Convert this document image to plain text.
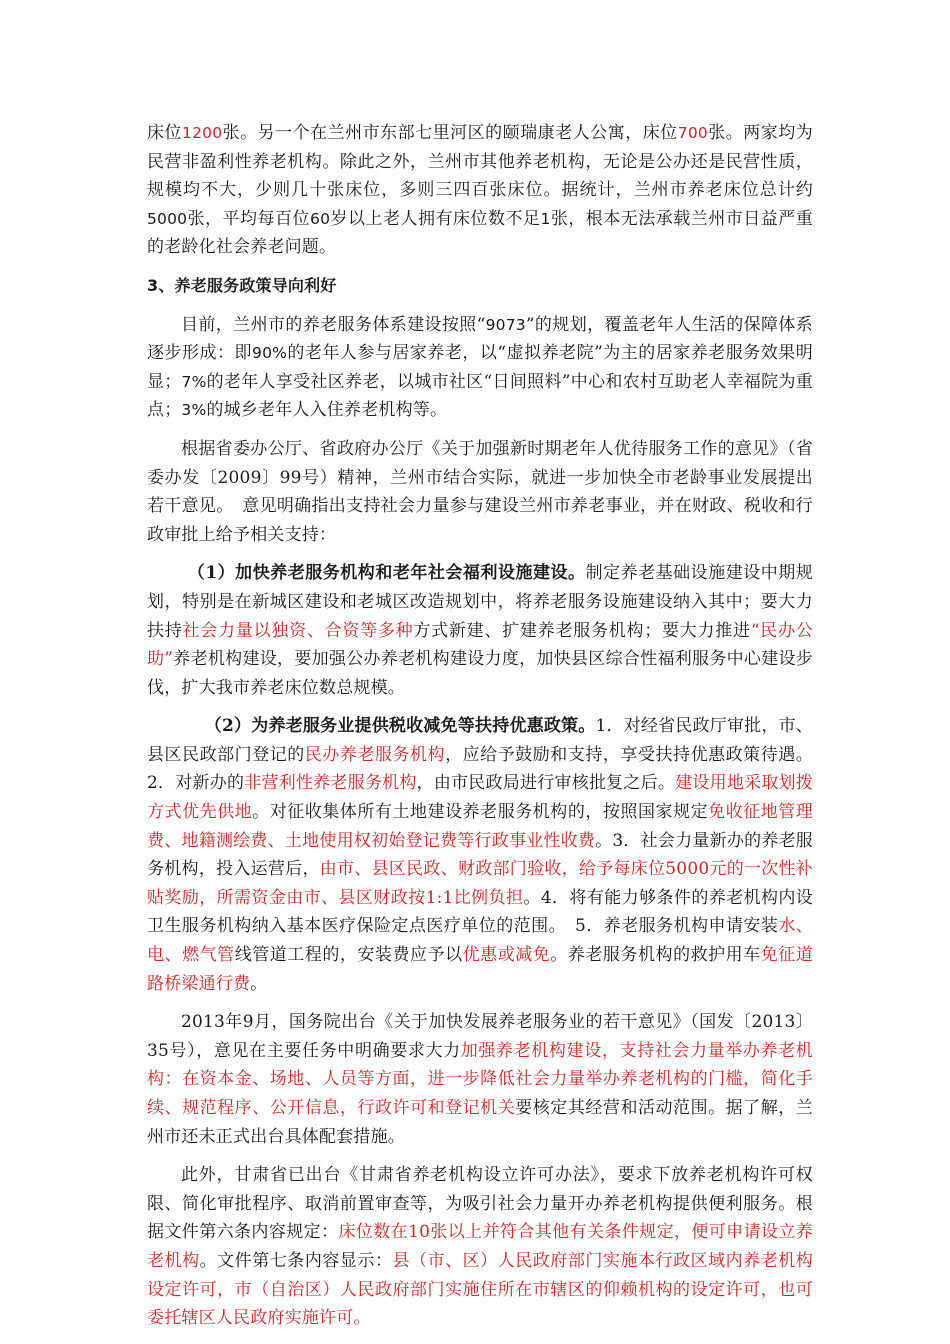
床位1200张。另一个在兰州市东部七里河区的颐瑞康老人公寓，床位700张。两家均为民营非盈利性养老机构。除此之外，兰州市其他养老机构，无论是公办还是民营性质，规模均不大，少则几十张床位，多则三四百张床位。据统计，兰州市养老床位总计约5000张，平均每百位60岁以上老人拥有床位数不足1张，根本无法承载兰州市日益严重的老龄化社会养老问题。

3、养老服务政策导向利好

目前，兰州市的养老服务体系建设按照“9073”的规划，覆盖老年人生活的保障体系逐步形成：即90%的老年人参与居家养老，以“虚拟养老院”为主的居家养老服务效果明显；7%的老年人享受社区养老，以城市社区“日间照料”中心和农村互助老人幸福院为重点；3%的城乡老年人入住养老机构等。

根据省委办公厅、省政府办公厅《关于加强新时期老年人优待服务工作的意见》（省委办发〔2009〕99号）精神，兰州市结合实际，就进一步加快全市老龄事业发展提出若干意见。　意见明确指出支持社会力量参与建设兰州市养老事业，并在财政、税收和行政审批上给予相关支持：

（1）加快养老服务机构和老年社会福利设施建设。制定养老基础设施建设中期规划，特别是在新城区建设和老城区改造规划中，将养老服务设施建设纳入其中；要大力扶持社会力量以独资、合资等多种方式新建、扩建养老服务机构；要大力推进“民办公助”养老机构建设，要加强公办养老机构建设力度，加快县区综合性福利服务中心建设步伐，扩大我市养老床位数总规模。

（2）为养老服务业提供税收减免等扶持优惠政策。1．对经省民政厅审批，市、县区民政部门登记的民办养老服务机构，应给予鼓励和支持，享受扶持优惠政策待遇。2．对新办的非营利性养老服务机构，由市民政局进行审核批复之后。建设用地采取划拨方式优先供地。对征收集体所有土地建设养老服务机构的，按照国家规定免收征地管理费、地籍测绘费、土地使用权初始登记费等行政事业性收费。3．社会力量新办的养老服务机构，投入运营后，由市、县区民政、财政部门验收，给予每床位5000元的一次性补贴奖励，所需资金由市、县区财政按1:1比例负担。4．将有能力够条件的养老机构内设卫生服务机构纳入基本医疗保险定点医疗单位的范围。　5．养老服务机构申请安装水、电、燃气管线管道工程的，安装费应予以优惠或减免。养老服务机构的救护用车免征道路桥梁通行费。

2013年9月，国务院出台《关于加快发展养老服务业的若干意见》（国发〔2013〕35号），意见在主要任务中明确要求大力加强养老机构建设，支持社会力量举办养老机构：在资本金、场地、人员等方面，进一步降低社会力量举办养老机构的门槛，简化手续、规范程序、公开信息，行政许可和登记机关要核定其经营和活动范围。据了解，兰州市还未正式出台具体配套措施。

此外，甘肃省已出台《甘肃省养老机构设立许可办法》，要求下放养老机构许可权限、简化审批程序、取消前置审查等，为吸引社会力量开办养老机构提供便利服务。根据文件第六条内容规定：床位数在10张以上并符合其他有关条件规定，便可申请设立养老机构。文件第七条内容显示：县（市、区）人民政府部门实施本行政区域内养老机构设定许可，市（自治区）人民政府部门实施住所在市辖区的仰赖机构的设定许可，也可委托辖区人民政府实施许可。
